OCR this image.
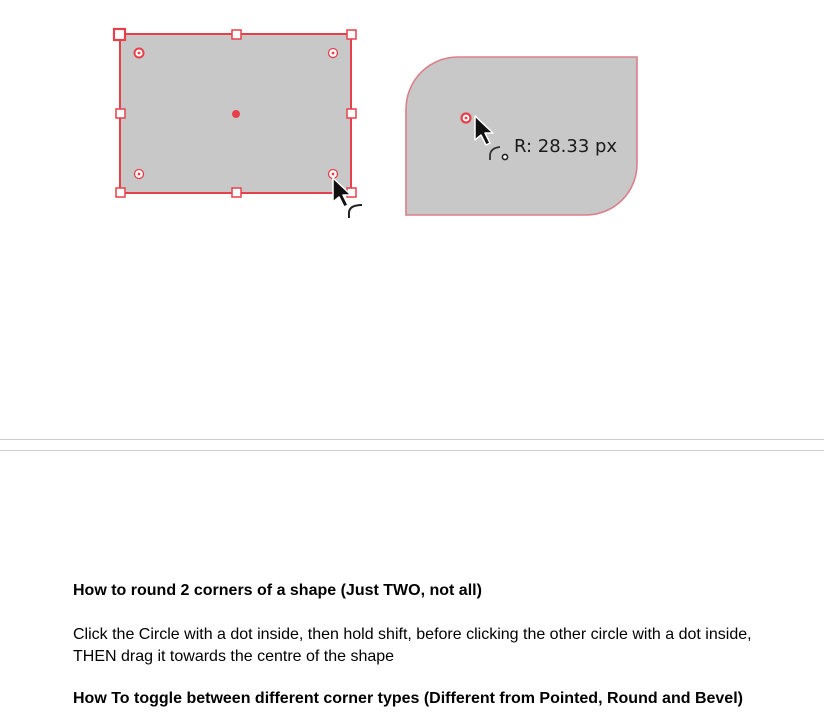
R: 28.33 px
How to round 2 corners of a shape (Just TWO, not all)
Click the Circle with a dot inside, then hold shift, before clicking the other circle with a dot inside, THEN drag it towards the centre of the shape
How To toggle between different corner types (Different from Pointed, Round and Bevel)
